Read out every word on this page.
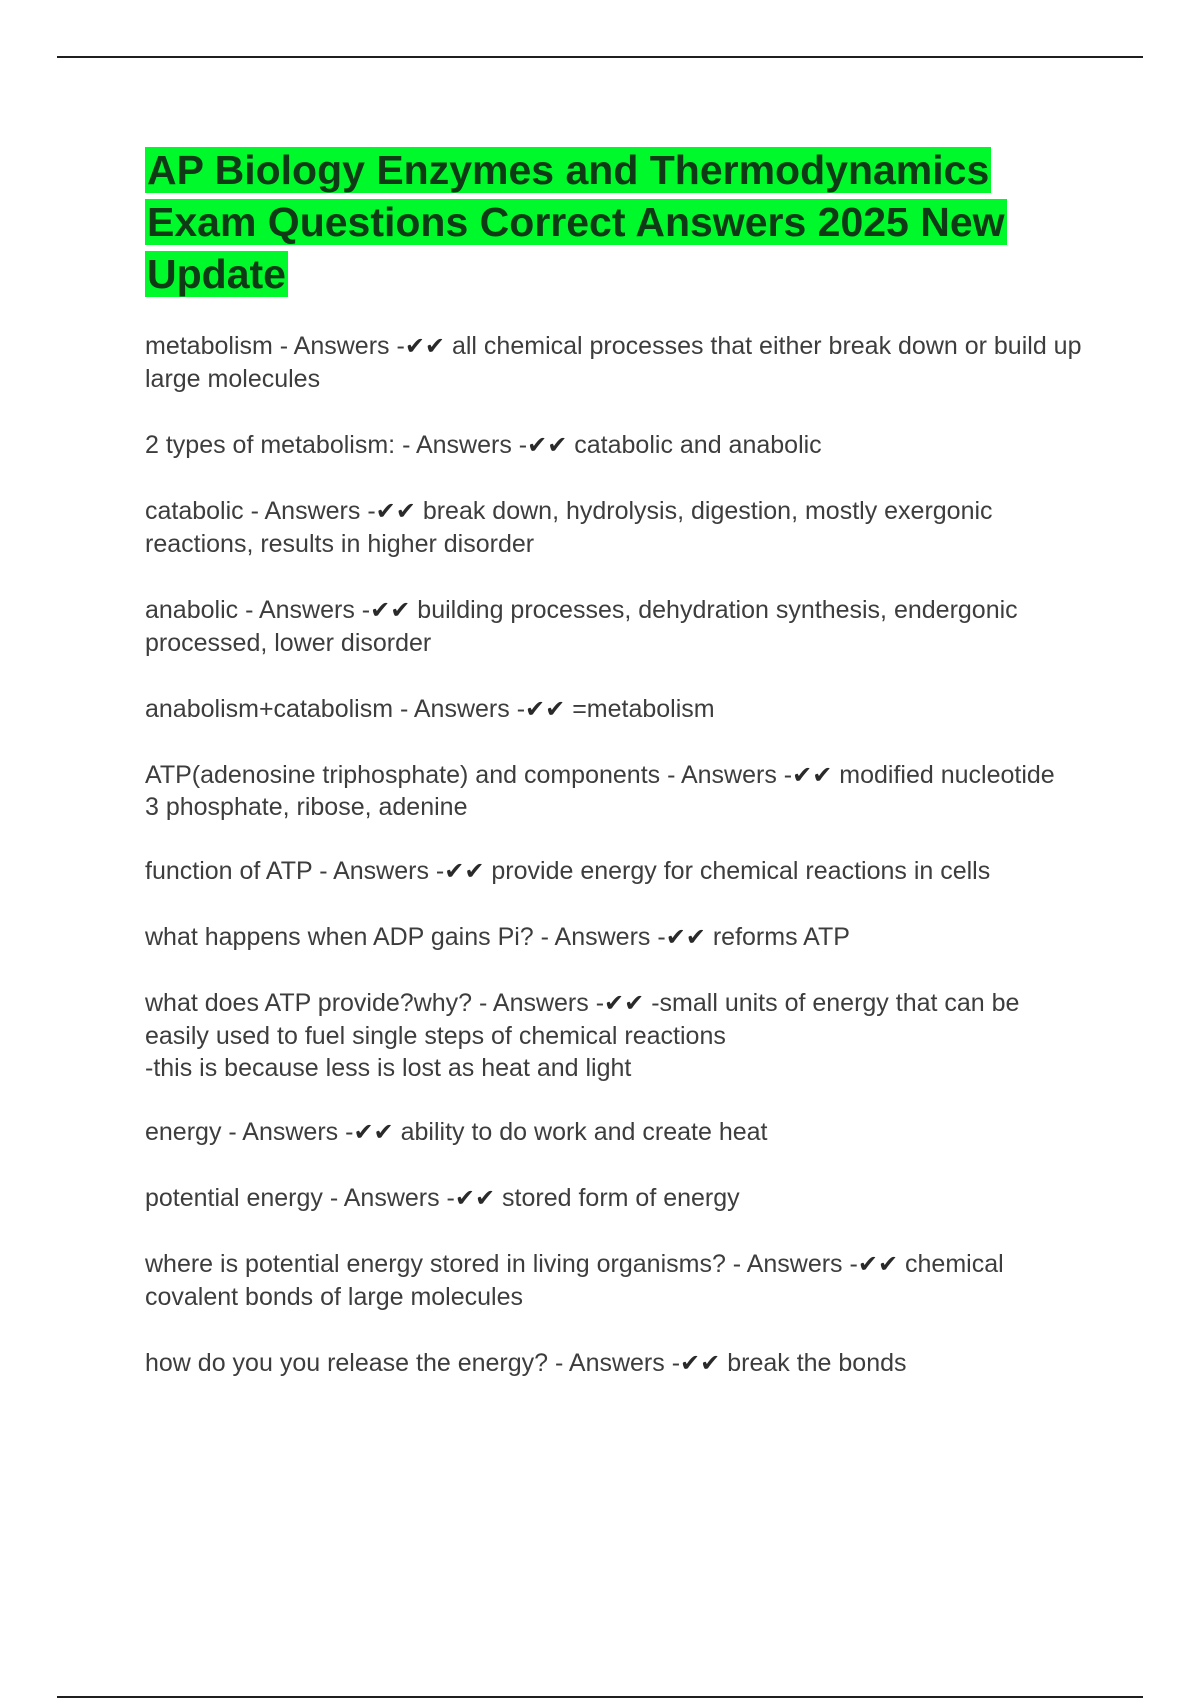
AP Biology Enzymes and Thermodynamics Exam Questions Correct Answers 2025 New Update
metabolism - Answers -✔✔ all chemical processes that either break down or build up large molecules
2 types of metabolism: - Answers -✔✔ catabolic and anabolic
catabolic - Answers -✔✔ break down, hydrolysis, digestion, mostly exergonic reactions, results in higher disorder
anabolic - Answers -✔✔ building processes, dehydration synthesis, endergonic processed, lower disorder
anabolism+catabolism - Answers -✔✔ =metabolism
ATP(adenosine triphosphate) and components - Answers -✔✔ modified nucleotide
3 phosphate, ribose, adenine
function of ATP - Answers -✔✔ provide energy for chemical reactions in cells
what happens when ADP gains Pi? - Answers -✔✔ reforms ATP
what does ATP provide?why? - Answers -✔✔ -small units of energy that can be easily used to fuel single steps of chemical reactions
-this is because less is lost as heat and light
energy - Answers -✔✔ ability to do work and create heat
potential energy - Answers -✔✔ stored form of energy
where is potential energy stored in living organisms? - Answers -✔✔ chemical covalent bonds of large molecules
how do you you release the energy? - Answers -✔✔ break the bonds
